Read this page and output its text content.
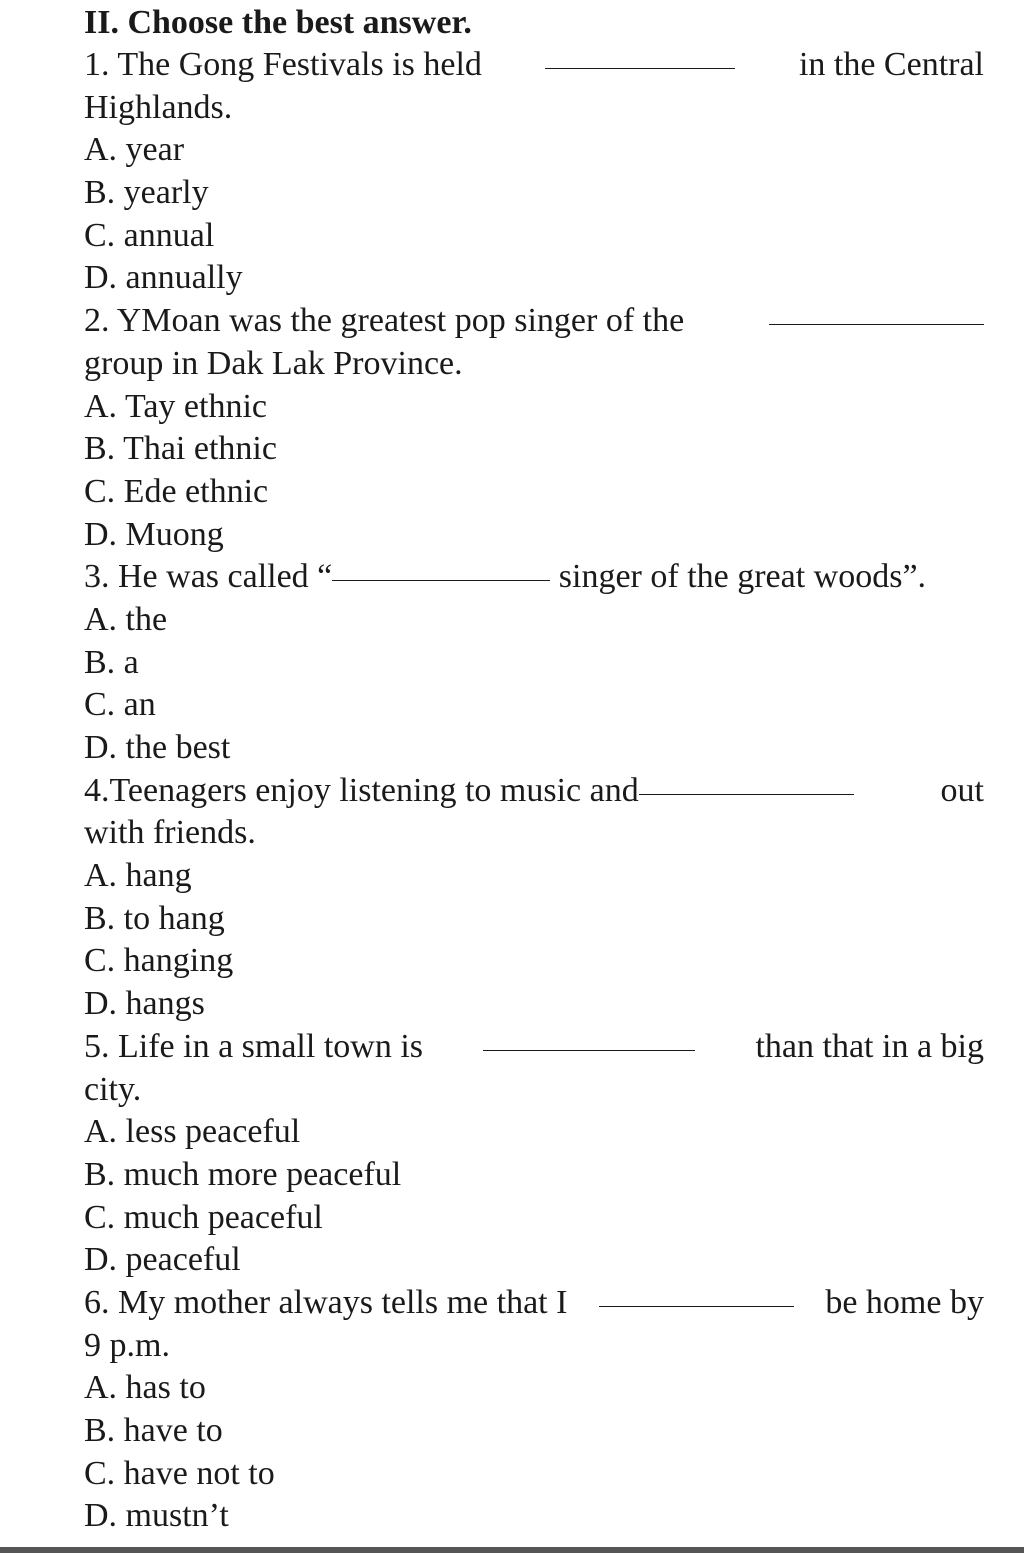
II. Choose the best answer.
1. The Gong Festivals is held	in the Central
Highlands.
A. year
B. yearly
C. annual
D. annually
2. YMoan was the greatest pop singer of the
group in Dak Lak Province.
A. Tay ethnic
B. Thai ethnic
C. Ede ethnic
D. Muong
3. He was called “	singer of the great woods”.
A. the
B. a
C. an
D. the best
4.Teenagers enjoy listening to music and	out
with friends.
A. hang
B. to hang
C. hanging
D. hangs
5. Life in a small town is	than that in a big
city.
A. less peaceful
B. much more peaceful
C. much peaceful
D. peaceful
6. My mother always tells me that I	be home by
9 p.m.
A. has to
B. have to
C. have not to
D. mustn’t
